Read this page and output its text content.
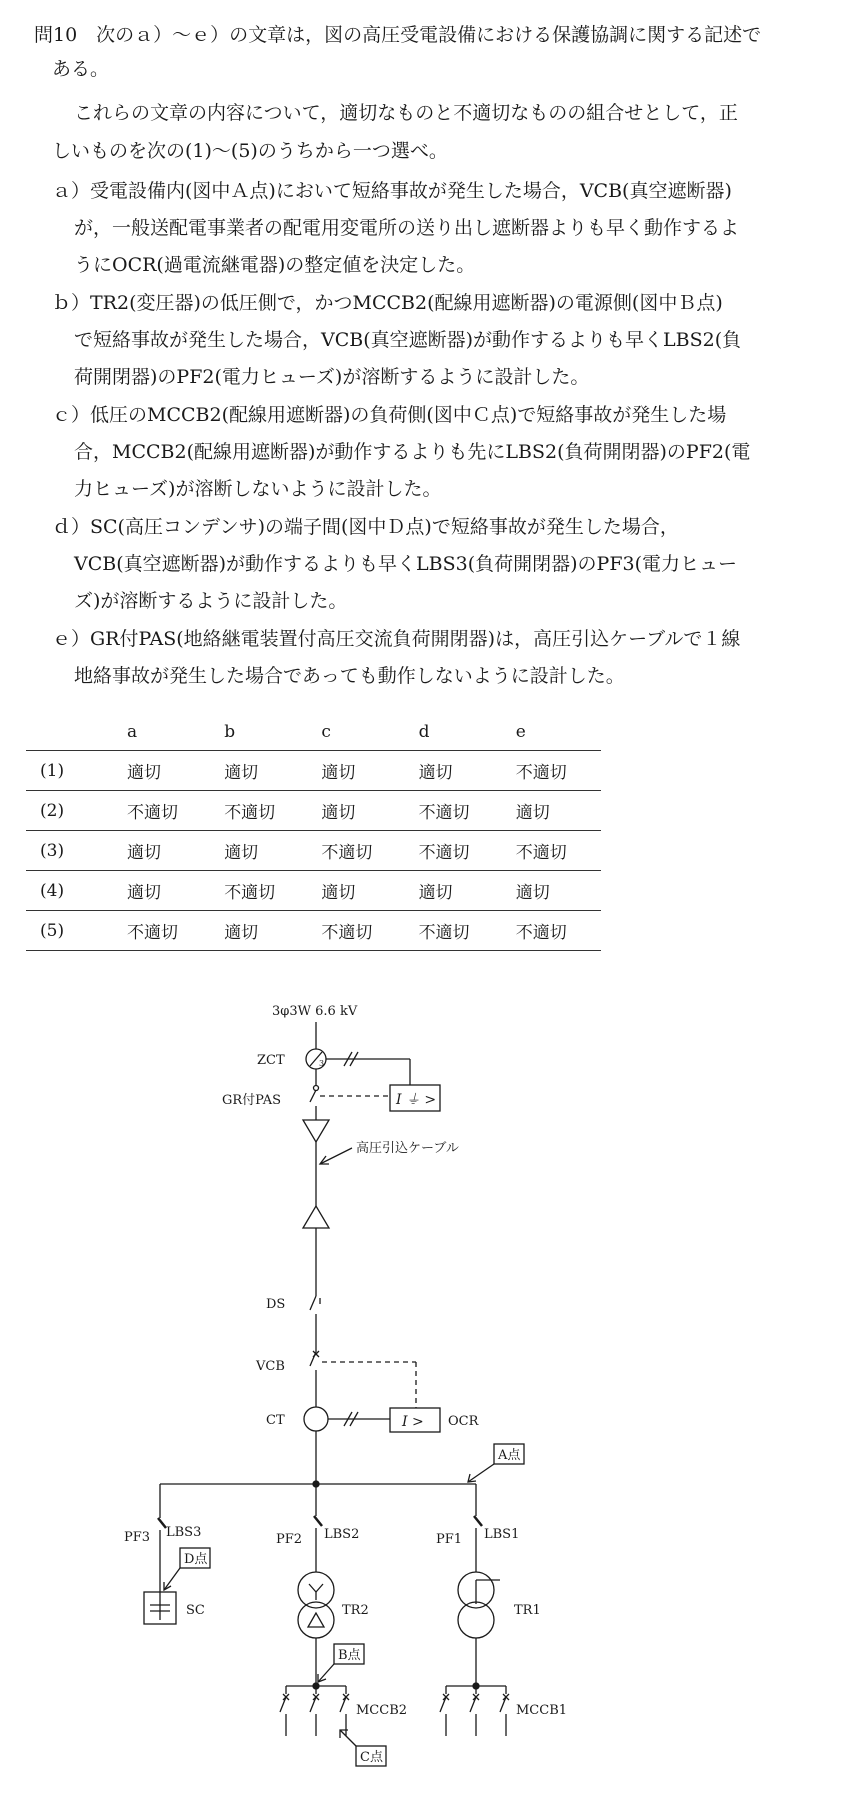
問10　次のａ）〜ｅ）の文章は，図の高圧受電設備における保護協調に関する記述で
ある。
これらの文章の内容について，適切なものと不適切なものの組合せとして，正
しいものを次の(1)〜(5)のうちから一つ選べ。
ａ）受電設備内(図中Ａ点)において短絡事故が発生した場合，VCB(真空遮断器)
が，一般送配電事業者の配電用変電所の送り出し遮断器よりも早く動作するよ
うにOCR(過電流継電器)の整定値を決定した。
ｂ）TR2(変圧器)の低圧側で，かつMCCB2(配線用遮断器)の電源側(図中Ｂ点)
で短絡事故が発生した場合，VCB(真空遮断器)が動作するよりも早くLBS2(負
荷開閉器)のPF2(電力ヒューズ)が溶断するように設計した。
ｃ）低圧のMCCB2(配線用遮断器)の負荷側(図中Ｃ点)で短絡事故が発生した場
合，MCCB2(配線用遮断器)が動作するよりも先にLBS2(負荷開閉器)のPF2(電
力ヒューズ)が溶断しないように設計した。
ｄ）SC(高圧コンデンサ)の端子間(図中Ｄ点)で短絡事故が発生した場合，
VCB(真空遮断器)が動作するよりも早くLBS3(負荷開閉器)のPF3(電力ヒュー
ズ)が溶断するように設計した。
ｅ）GR付PAS(地絡継電装置付高圧交流負荷開閉器)は，高圧引込ケーブルで１線
地絡事故が発生した場合であっても動作しないように設計した。
	a	b	c	d	e
(1)	適切	適切	適切	適切	不適切
(2)	不適切	不適切	適切	不適切	適切
(3)	適切	適切	不適切	不適切	不適切
(4)	適切	不適切	適切	適切	適切
(5)	不適切	適切	不適切	不適切	不適切
3φ3W 6.6 kV
ZCT	3
I ⏚ >
GR付PAS
高圧引込ケーブル
DS
VCB
CT	I > OCR
A点
PF3 LBS3
D点
SC
PF2 LBS2
TR2
B点
MCCB2
C点
PF1 LBS1
TR1
MCCB1
